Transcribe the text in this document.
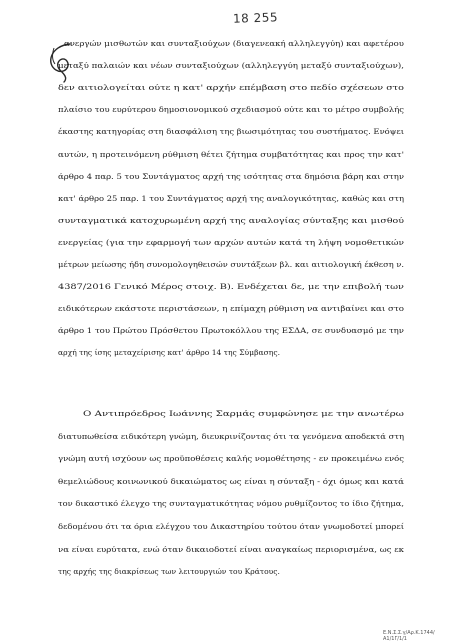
18 255
ανεργών μισθωτών και συνταξιούχων (διαγενεακή αλληλεγγύη) και αφετέρου
μεταξύ παλαιών και νέων συνταξιούχων (αλληλεγγύη μεταξύ συνταξιούχων),
δεν αιτιολογείται ούτε η κατ' αρχήν επέμβαση στο πεδίο σχέσεων στο
πλαίσιο του ευρύτερου δημοσιονομικού σχεδιασμού ούτε και το μέτρο συμβολής
έκαστης κατηγορίας στη διασφάλιση της βιωσιμότητας του συστήματος. Ενόψει
αυτών, η προτεινόμενη ρύθμιση θέτει ζήτημα συμβατότητας και προς την κατ'
άρθρο 4 παρ. 5 του Συντάγματος αρχή της ισότητας στα δημόσια βάρη και στην
κατ' άρθρο 25 παρ. 1 του Συντάγματος αρχή της αναλογικότητας, καθώς και στη
συνταγματικά κατοχυρωμένη αρχή της αναλογίας σύνταξης και μισθού
ενεργείας (για την εφαρμογή των αρχών αυτών κατά τη λήψη νομοθετικών
μέτρων μείωσης ήδη συνομολογηθεισών συντάξεων βλ. και αιτιολογική έκθεση ν.
4387/2016 Γενικό Μέρος στοιχ. Β). Ενδέχεται δε, με την επιβολή των
ειδικότερων εκάστοτε περιστάσεων, η επίμαχη ρύθμιση να αντιβαίνει και στο
άρθρο 1 του Πρώτου Πρόσθετου Πρωτοκόλλου της ΕΣΔΑ, σε συνδυασμό με την
αρχή της ίσης μεταχείρισης κατ' άρθρο 14 της Σύμβασης.
Ο Αντιπρόεδρος Ιωάννης Σαρμάς συμφώνησε με την ανωτέρω
διατυπωθείσα ειδικότερη γνώμη, διευκρινίζοντας ότι τα γενόμενα αποδεκτά στη
γνώμη αυτή ισχύουν ως προϋποθέσεις καλής νομοθέτησης - εν προκειμένω ενός
θεμελιώδους κοινωνικού δικαιώματος ως είναι η σύνταξη - όχι όμως και κατά
τον δικαστικό έλεγχο της συνταγματικότητας νόμου ρυθμίζοντος το ίδιο ζήτημα,
δεδομένου ότι τα όρια ελέγχου του Δικαστηρίου τούτου όταν γνωμοδοτεί μπορεί
να είναι ευρύτατα, ενώ όταν δικαιοδοτεί είναι αναγκαίως περιορισμένα, ως εκ
της αρχής της διακρίσεως των λειτουργιών του Κράτους.
Ε.Ν.Σ.Σ.γ/Αρ.Κ.1744/Α1/1Γ/1/1
